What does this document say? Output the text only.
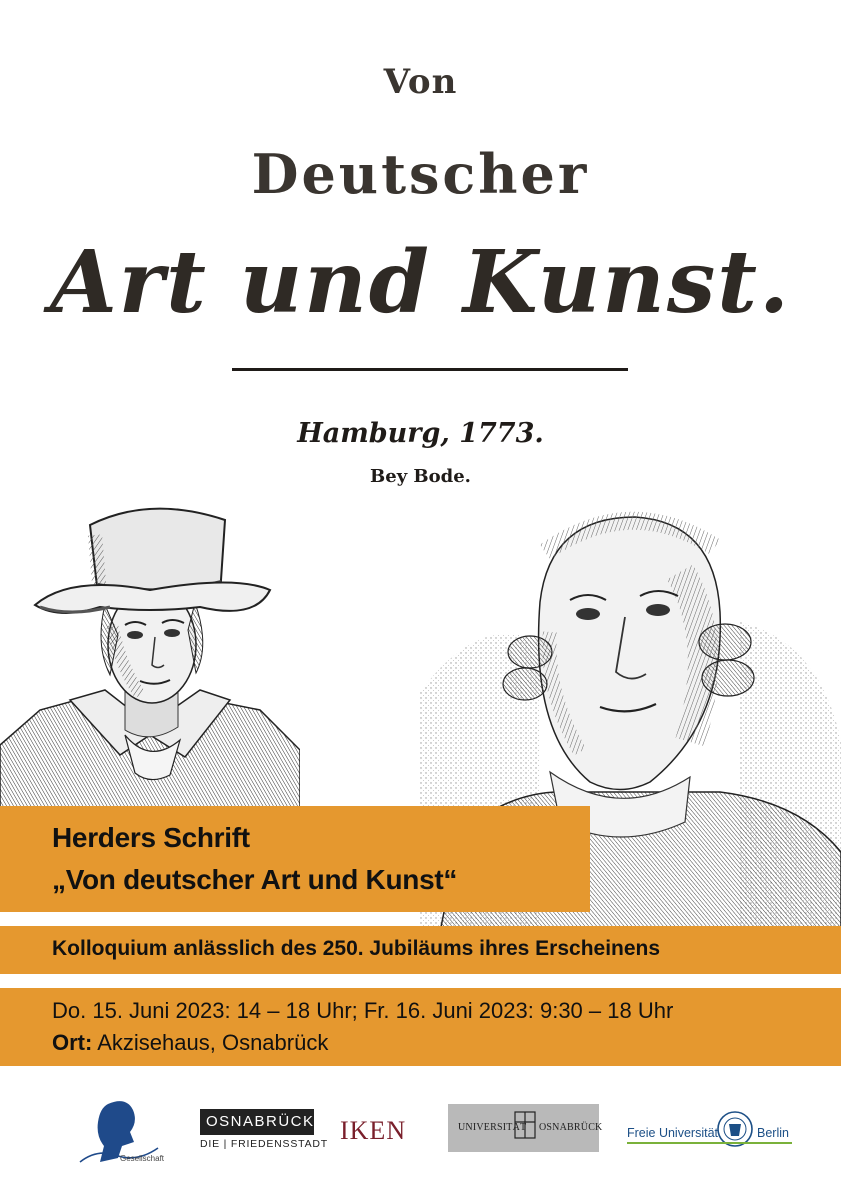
Von
Deutscher
Art und Kunst.
Hamburg, 1773.
Bey Bode.
Herders Schrift
„Von deutscher Art und Kunst“
Kolloquium anlässlich des 250. Jubiläums ihres Erscheinens
Do. 15. Juni 2023: 14 – 18 Uhr; Fr. 16. Juni 2023: 9:30 – 18 Uhr
Ort: Akzisehaus, Osnabrück
Gesellschaft
OSNABRÜCK®
DIE | FRIEDENSSTADT IKEN	UNIVERSITÄT OSNABRÜCK Freie Universität	Berlin
